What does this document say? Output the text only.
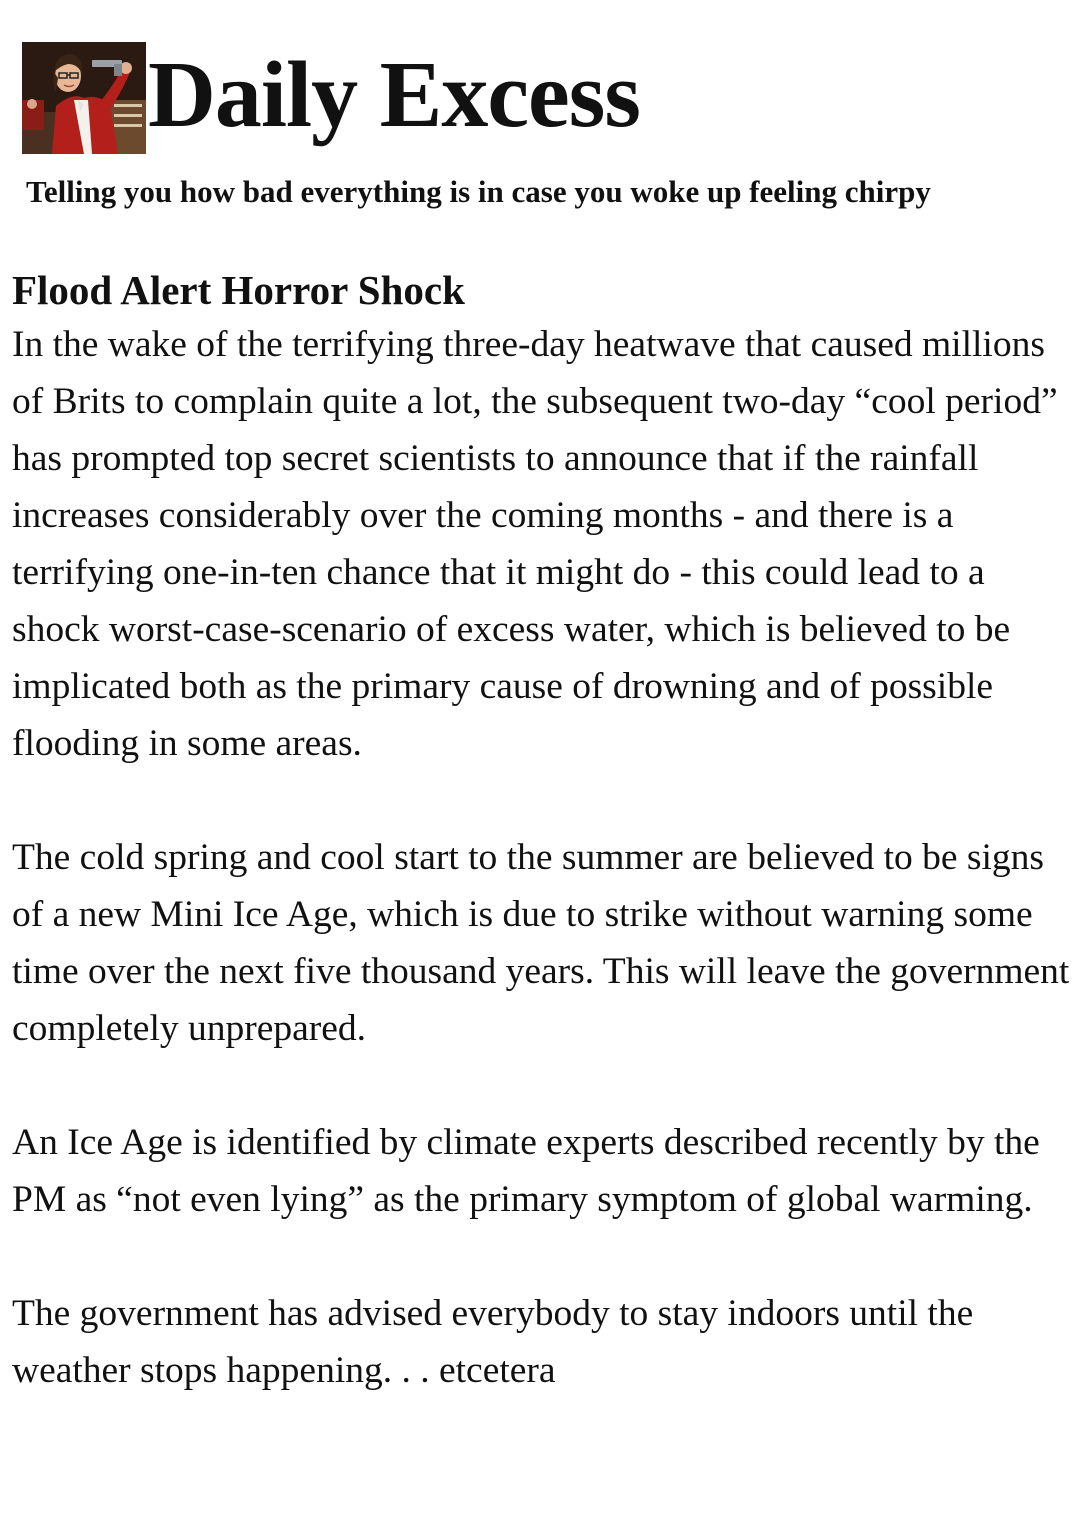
Daily Excess
Telling you how bad everything is in case you woke up feeling chirpy
Flood Alert Horror Shock

In the wake of the terrifying three-day heatwave that caused millions of Brits to complain quite a lot, the subsequent two-day “cool period” has prompted top secret scientists to announce that if the rainfall increases considerably over the coming months - and there is a terrifying one-in-ten chance that it might do - this could lead to a shock worst-case-scenario of excess water, which is believed to be implicated both as the primary cause of drowning and of possible flooding in some areas.

The cold spring and cool start to the summer are believed to be signs of a new Mini Ice Age, which is due to strike without warning some time over the next five thousand years. This will leave the government completely unprepared.

An Ice Age is identified by climate experts described recently by the PM as “not even lying” as the primary symptom of global warming.

The government has advised everybody to stay indoors until the weather stops happening. . . etcetera
